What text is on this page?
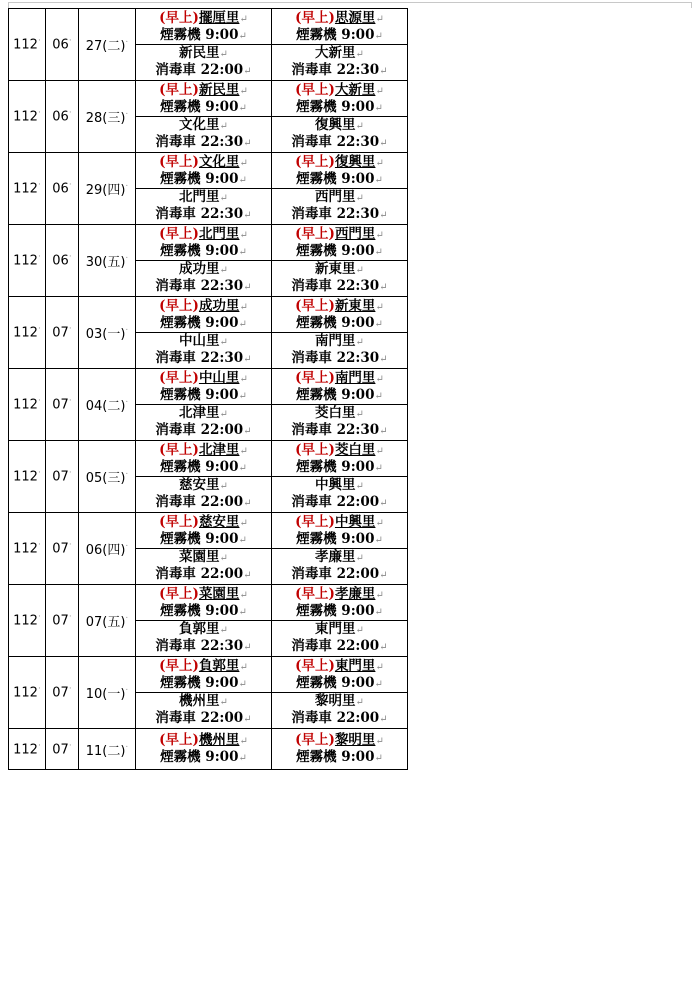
112·	06·	27(二)·	(早上)擺厘里↵
煙霧機 9:00↵
新民里↵
消毒車 22:00↵	(早上)思源里↵
煙霧機 9:00↵
大新里↵
消毒車 22:30↵

112·	06·	28(三)·	(早上)新民里↵
煙霧機 9:00↵
文化里↵
消毒車 22:30↵	(早上)大新里↵
煙霧機 9:00↵
復興里↵
消毒車 22:30↵

112·	06·	29(四)·	(早上)文化里↵
煙霧機 9:00↵
北門里↵
消毒車 22:30↵	(早上)復興里↵
煙霧機 9:00↵
西門里↵
消毒車 22:30↵

112·	06·	30(五)·	(早上)北門里↵
煙霧機 9:00↵
成功里↵
消毒車 22:30↵	(早上)西門里↵
煙霧機 9:00↵
新東里↵
消毒車 22:30↵

112·	07·	03(一)·	(早上)成功里↵
煙霧機 9:00↵
中山里↵
消毒車 22:30↵	(早上)新東里↵
煙霧機 9:00↵
南門里↵
消毒車 22:30↵

112·	07·	04(二)·	(早上)中山里↵
煙霧機 9:00↵
北津里↵
消毒車 22:00↵	(早上)南門里↵
煙霧機 9:00↵
茭白里↵
消毒車 22:30↵

112·	07·	05(三)·	(早上)北津里↵
煙霧機 9:00↵
慈安里↵
消毒車 22:00↵	(早上)茭白里↵
煙霧機 9:00↵
中興里↵
消毒車 22:00↵

112·	07·	06(四)·	(早上)慈安里↵
煙霧機 9:00↵
菜園里↵
消毒車 22:00↵	(早上)中興里↵
煙霧機 9:00↵
孝廉里↵
消毒車 22:00↵

112·	07·	07(五)·	(早上)菜園里↵
煙霧機 9:00↵
負郭里↵
消毒車 22:30↵	(早上)孝廉里↵
煙霧機 9:00↵
東門里↵
消毒車 22:00↵

112·	07·	10(一)·	(早上)負郭里↵
煙霧機 9:00↵
機州里↵
消毒車 22:00↵	(早上)東門里↵
煙霧機 9:00↵
黎明里↵
消毒車 22:00↵

112·	07·	11(二)·	(早上)機州里↵
煙霧機 9:00↵	(早上)黎明里↵
煙霧機 9:00↵
